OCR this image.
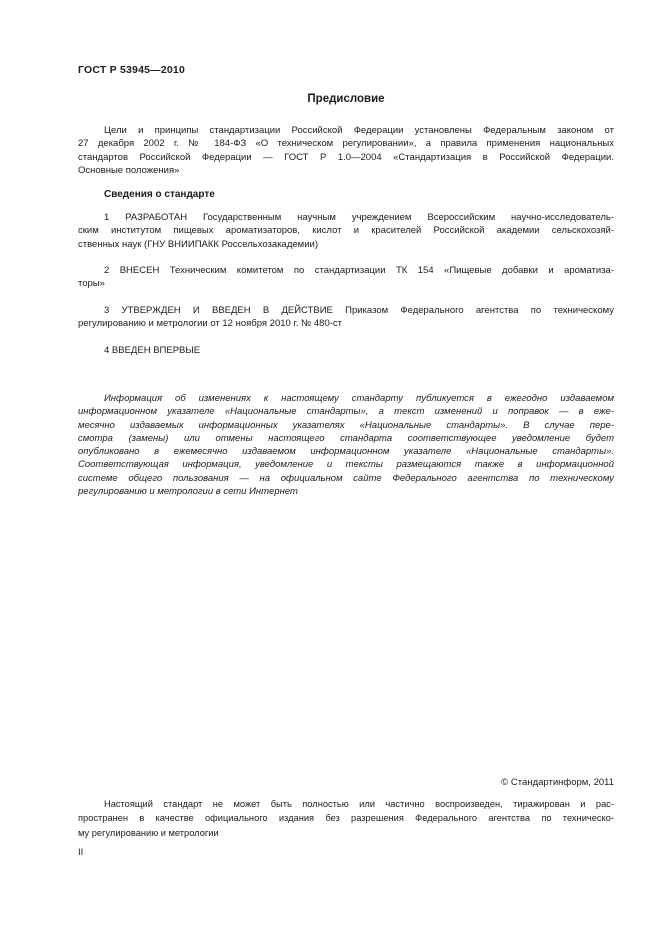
ГОСТ Р 53945—2010
Предисловие
Цели и принципы стандартизации Российской Федерации установлены Федеральным законом от
27 декабря 2002 г. № 184-ФЗ «О техническом регулировании», а правила применения национальных
стандартов Российской Федерации — ГОСТ Р 1.0—2004 «Стандартизация в Российской Федерации.
Основные положения»
Сведения о стандарте
1 РАЗРАБОТАН Государственным научным учреждением Всероссийским научно-исследователь-
ским институтом пищевых ароматизаторов, кислот и красителей Российской академии сельскохозяй-
ственных наук (ГНУ ВНИИПАКК Россельхозакадемии)
2 ВНЕСЕН Техническим комитетом по стандартизации ТК 154 «Пищевые добавки и ароматиза-
торы»
3 УТВЕРЖДЕН И ВВЕДЕН В ДЕЙСТВИЕ Приказом Федерального агентства по техническому
регулированию и метрологии от 12 ноября 2010 г. № 480-ст
4 ВВЕДЕН ВПЕРВЫЕ
Информация об изменениях к настоящему стандарту публикуется в ежегодно издаваемом
информационном указателе «Национальные стандарты», а текст изменений и поправок — в еже-
месячно издаваемых информационных указателях «Национальные стандарты». В случае пере-
смотра (замены) или отмены настоящего стандарта соответствующее уведомление будет
опубликовано в ежемесячно издаваемом информационном указателе «Национальные стандарты».
Соответствующая информация, уведомление и тексты размещаются также в информационной
системе общего пользования — на официальном сайте Федерального агентства по техническому
регулированию и метрологии в сети Интернет
© Стандартинформ, 2011
Настоящий стандарт не может быть полностью или частично воспроизведен, тиражирован и рас-
пространен в качестве официального издания без разрешения Федерального агентства по техническо-
му регулированию и метрологии
II
